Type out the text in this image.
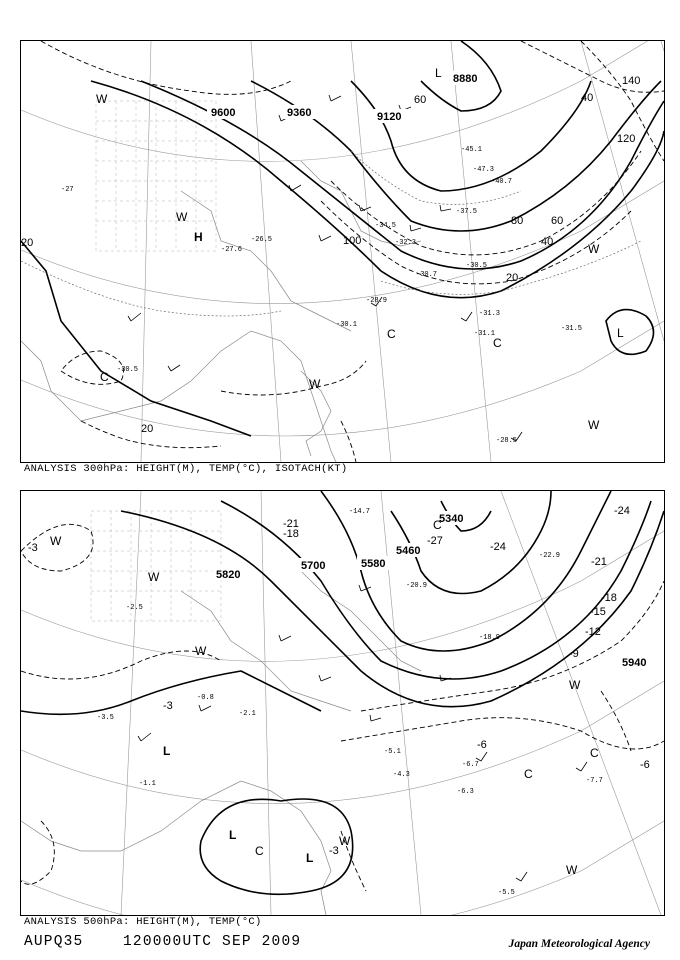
9600	9360	9120
8880
20
20
20
40
60
80
100
120
140
40
60
H
L
L
W
W
W
W
W
C
C
C
-27
-30.1
-31.3
-31.1
-31.5
-28.5
-28.9
-30.5
-30.7
-26.5
-27.6
-30.5
-45.1
-47.3
-40.7
-37.5
-34.5
-32.3
ANALYSIS 300hPa: HEIGHT(M), TEMP(°C), ISOTACH(KT)
5820
5700	5580
5460
5340
5940
L
L
L
C
C
C
C
W
W
W
W
W
W
-21
-21
-18
-18
-24
-24
-27
-9
-12
-15
-3
-3
-3
-6
-6
-5.1
-4.3
-6.7
-7.7
-6.3
-5.5
-3.5
-1.1
-2.1
-2.5
-0.8
-14.7
-18.9
-20.9
-22.9
ANALYSIS 500hPa: HEIGHT(M), TEMP(°C)
AUPQ35	120000UTC SEP 2009	Japan Meteorological Agency
